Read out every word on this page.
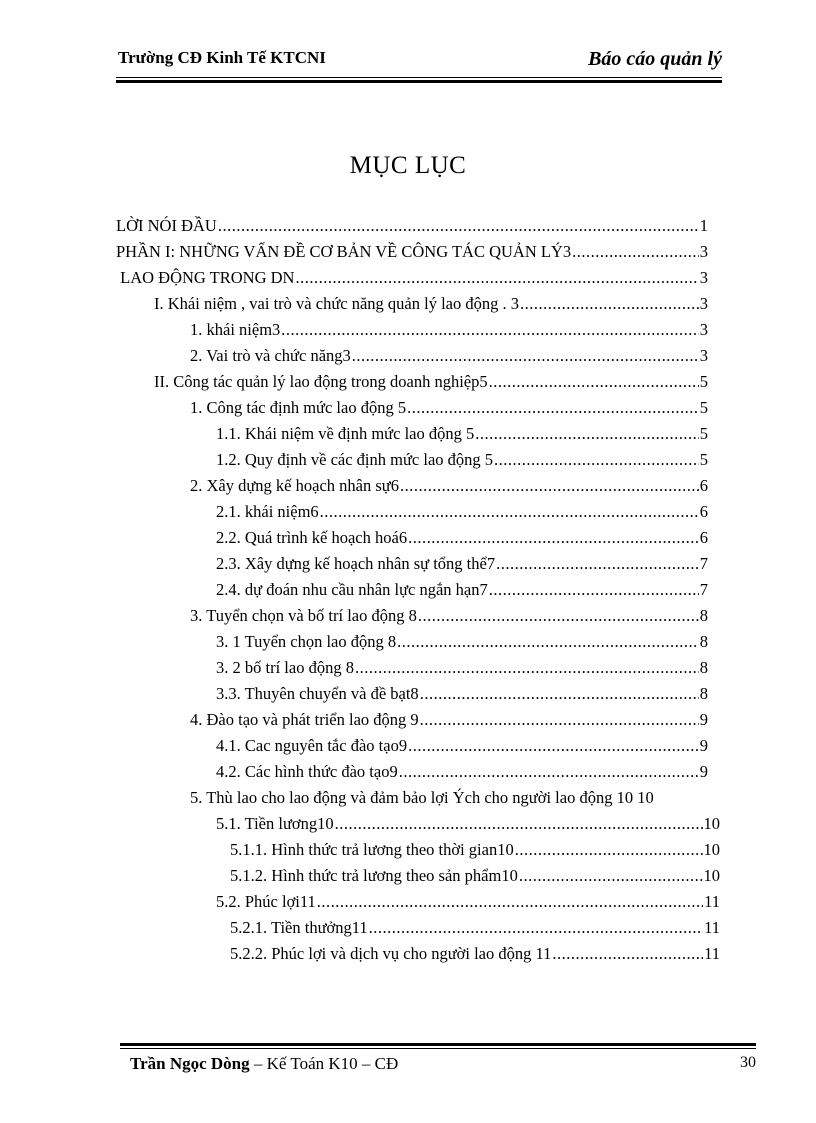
Trường CĐ Kinh Tế KTCNI	Báo cáo quản lý
MỤC LỤC
LỜI NÓI ĐẦU .....	1
PHẦN I: NHỮNG VẤN ĐỀ CƠ BẢN VỀ CÔNG TÁC QUẢN LÝ3 .....	3
LAO ĐỘNG TRONG DN .....	3
I. Khái niệm , vai trò và chức năng quản lý lao động . 3 .....	3
1. khái niệm3 .....	3
2. Vai trò và chức năng3 .....	3
II. Công tác quản lý lao động trong doanh nghiệp5 .....	5
1. Công tác định mức lao động 5 .....	5
1.1. Khái niệm về định mức lao động 5 .....	5
1.2. Quy định về các định mức lao động 5 .....	5
2. Xây dựng kế hoạch nhân sự6 .....	6
2.1. khái niệm6 .....	6
2.2. Quá trình kế hoạch hoá6 .....	6
2.3. Xây dựng kế hoạch nhân sự tổng thể7 .....	7
2.4. dự đoán nhu cầu nhân lực ngắn hạn7 .....	7
3. Tuyển chọn và bố trí lao động 8 .....	8
3. 1 Tuyển chọn lao động 8 .....	8
3. 2 bố trí lao động 8 .....	8
3.3. Thuyên chuyển và đề bạt8 .....	8
4. Đào tạo và phát triển lao động 9 .....	9
4.1. Cac nguyên tắc đào tạo9 .....	9
4.2. Các hình thức đào tạo9 .....	9
5. Thù lao cho lao động và đảm bảo lợi Ých cho người lao động 10 10
5.1. Tiền lương10 .....	10
5.1.1. Hình thức trả lương theo thời gian10 .....	10
5.1.2. Hình thức trả lương theo sản phẩm10 .....	10
5.2. Phúc lợi11 .....	11
5.2.1. Tiền thưởng11 .....	11
5.2.2. Phúc lợi và dịch vụ cho người lao động 11 .....	11
Trần Ngọc Dòng – Kế Toán K10 – CĐ	30
